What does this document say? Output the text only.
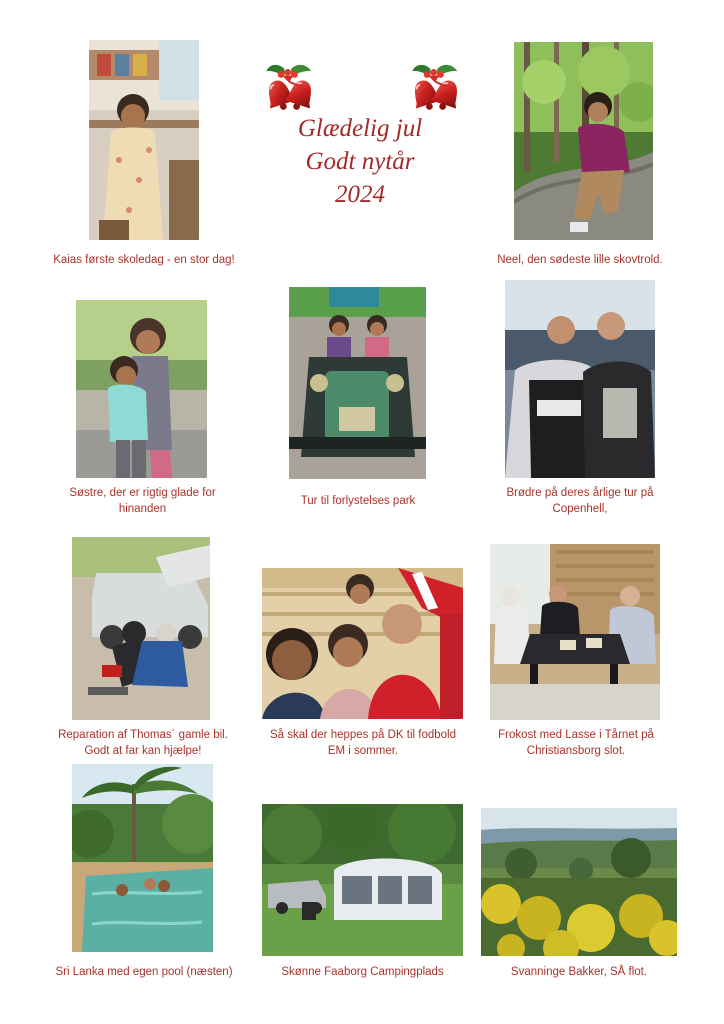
Glædelig jul
Godt nytår
2024
Kaias første skoledag - en stor dag!	Neel, den sødeste lille skovtrold.
Søstre, der er rigtig glade for
hinanden
Tur til forlystelses park
Brødre på deres årlige tur på
Copenhell,
Reparation af Thomas´ gamle bil.
Godt at far kan hjælpe!
Så skal der heppes på DK til fodbold
EM i sommer.
Frokost med Lasse i Tårnet på
Christiansborg slot.
Sri Lanka med egen pool (næsten)	Skønne Faaborg Campingplads	Svanninge Bakker, SÅ flot.
